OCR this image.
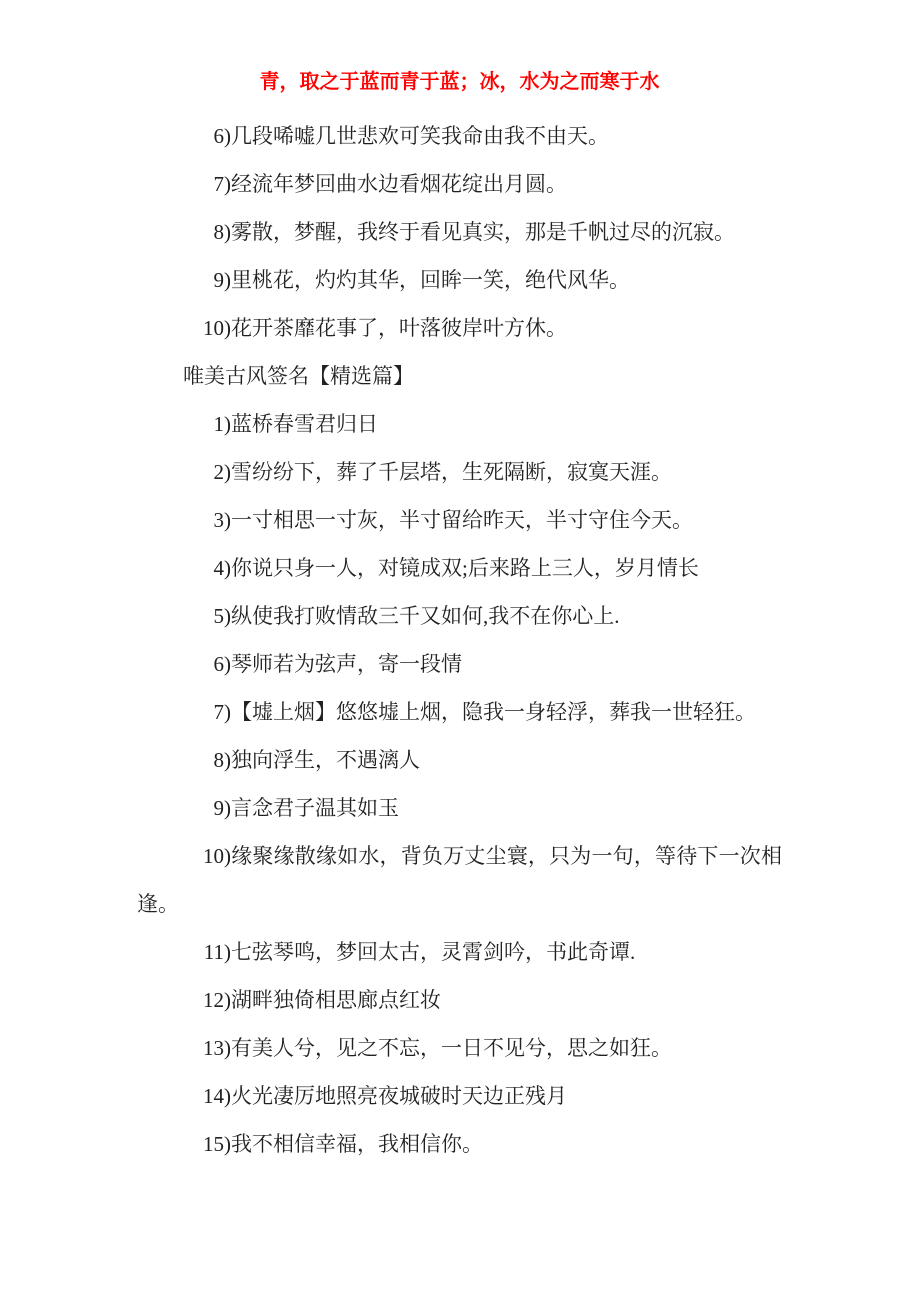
青，取之于蓝而青于蓝；冰，水为之而寒于水

6)几段唏嘘几世悲欢可笑我命由我不由天。

7)经流年梦回曲水边看烟花绽出月圆。

8)雾散，梦醒，我终于看见真实，那是千帆过尽的沉寂。

9)里桃花，灼灼其华，回眸一笑，绝代风华。

10)花开茶靡花事了，叶落彼岸叶方休。

唯美古风签名【精选篇】

1)蓝桥春雪君归日

2)雪纷纷下，葬了千层塔，生死隔断，寂寞天涯。

3)一寸相思一寸灰，半寸留给昨天，半寸守住今天。

4)你说只身一人，对镜成双;后来路上三人，岁月情长

5)纵使我打败情敌三千又如何,我不在你心上.

6)琴师若为弦声，寄一段情

7)【墟上烟】悠悠墟上烟，隐我一身轻浮，葬我一世轻狂。

8)独向浮生，不遇漓人

9)言念君子温其如玉

10)缘聚缘散缘如水，背负万丈尘寰，只为一句，等待下一次相逢。

11)七弦琴鸣，梦回太古，灵霄剑吟，书此奇谭.

12)湖畔独倚相思廊点红妆

13)有美人兮，见之不忘，一日不见兮，思之如狂。

14)火光凄厉地照亮夜城破时天边正残月

15)我不相信幸福，我相信你。
